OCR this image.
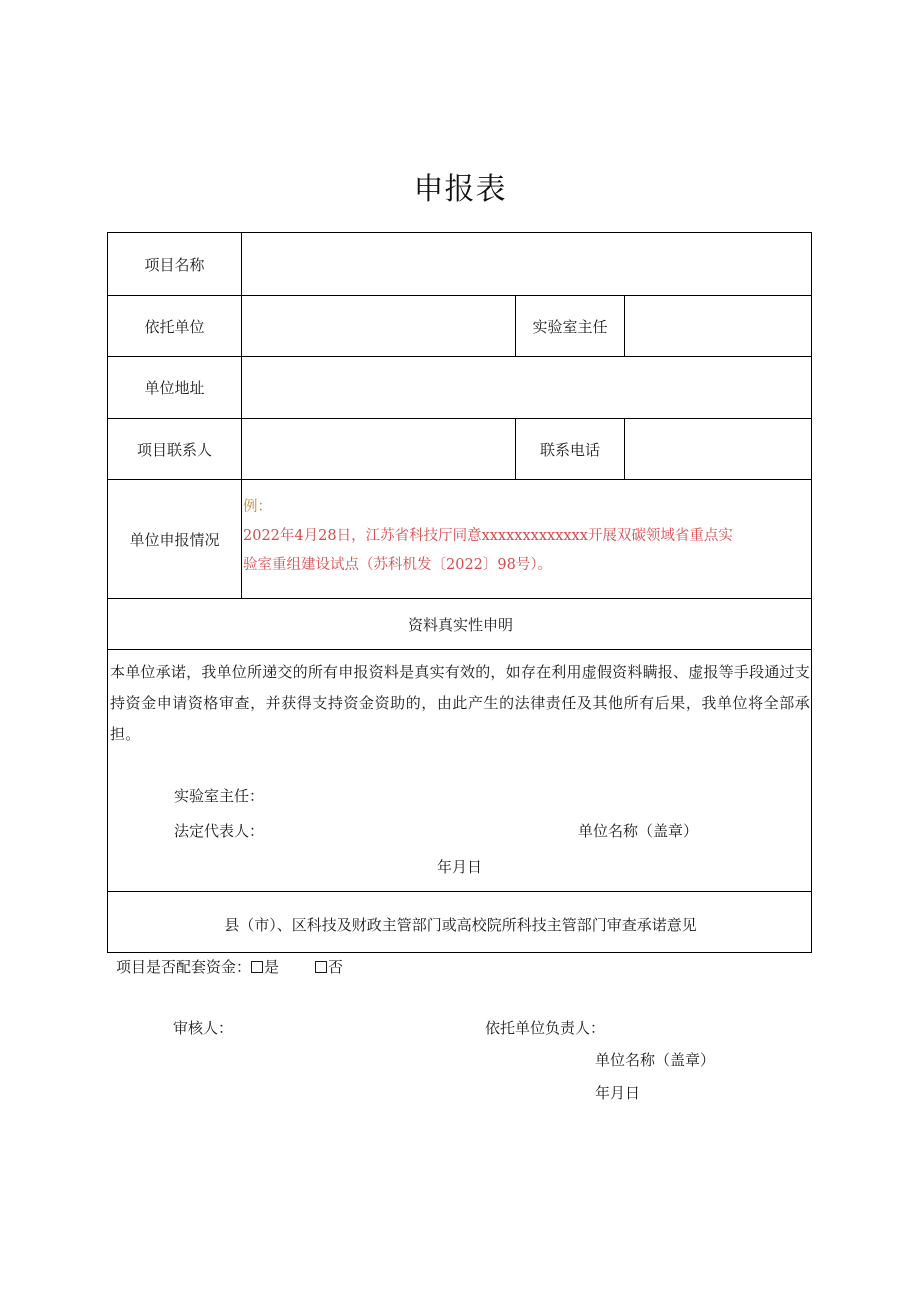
申报表
项目名称
依托单位	实验室主任
单位地址
项目联系人	联系电话
单位申报情况
例：
2022年4月28日，江苏省科技厅同意xxxxxxxxxxxxx开展双碳领域省重点实
验室重组建设试点（苏科机发〔2022〕98号）。
资料真实性申明
本单位承诺，我单位所递交的所有申报资料是真实有效的，如存在利用虚假资料瞒报、虚报等手段通过支持资金申请资格审查，并获得支持资金资助的，由此产生的法律责任及其他所有后果，我单位将全部承担。
实验室主任：
法定代表人：	单位名称（盖章）
年月日
县（市）、区科技及财政主管部门或高校院所科技主管部门审查承诺意见
项目是否配套资金： 是	否
审核人：	依托单位负责人：
单位名称（盖章）
年月日
